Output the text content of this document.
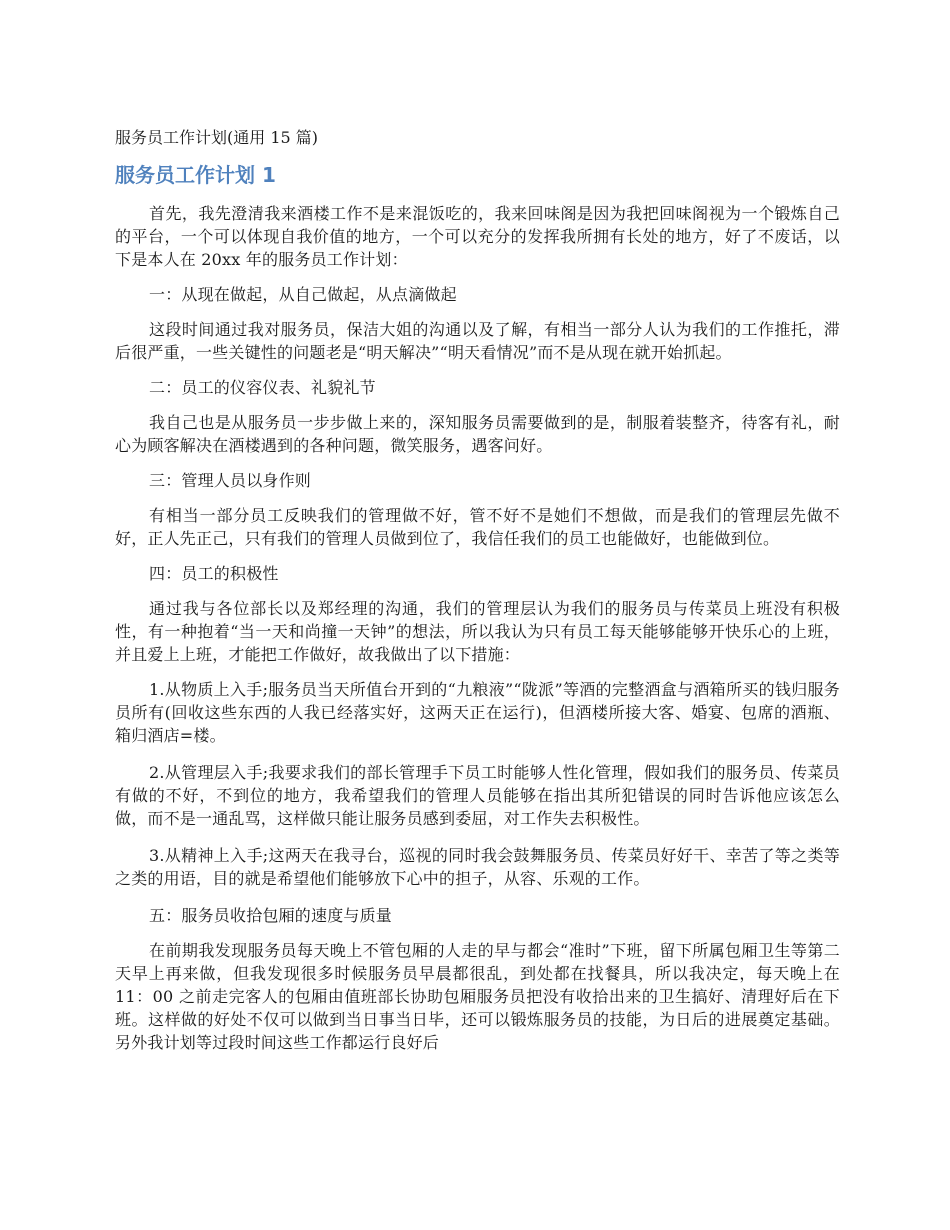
服务员工作计划(通用 15 篇)
服务员工作计划 1

首先，我先澄清我来酒楼工作不是来混饭吃的，我来回味阁是因为我把回味阁视为一个锻炼自己的平台，一个可以体现自我价值的地方，一个可以充分的发挥我所拥有长处的地方，好了不废话，以下是本人在 20xx 年的服务员工作计划：

一：从现在做起，从自己做起，从点滴做起

这段时间通过我对服务员，保洁大姐的沟通以及了解，有相当一部分人认为我们的工作推托，滞后很严重，一些关键性的问题老是“明天解决”“明天看情况”而不是从现在就开始抓起。

二：员工的仪容仪表、礼貌礼节

我自己也是从服务员一步步做上来的，深知服务员需要做到的是，制服着装整齐，待客有礼，耐心为顾客解决在酒楼遇到的各种问题，微笑服务，遇客问好。

三：管理人员以身作则

有相当一部分员工反映我们的管理做不好，管不好不是她们不想做，而是我们的管理层先做不好，正人先正己，只有我们的管理人员做到位了，我信任我们的员工也能做好，也能做到位。

四：员工的积极性

通过我与各位部长以及郑经理的沟通，我们的管理层认为我们的服务员与传菜员上班没有积极性，有一种抱着“当一天和尚撞一天钟”的想法，所以我认为只有员工每天能够能够开快乐心的上班，并且爱上上班，才能把工作做好，故我做出了以下措施：

1.从物质上入手;服务员当天所值台开到的“九粮液”“陇派”等酒的完整酒盒与酒箱所买的钱归服务员所有(回收这些东西的人我已经落实好，这两天正在运行)，但酒楼所接大客、婚宴、包席的酒瓶、箱归酒店=楼。

2.从管理层入手;我要求我们的部长管理手下员工时能够人性化管理，假如我们的服务员、传菜员有做的不好，不到位的地方，我希望我们的管理人员能够在指出其所犯错误的同时告诉他应该怎么做，而不是一通乱骂，这样做只能让服务员感到委屈，对工作失去积极性。

3.从精神上入手;这两天在我寻台，巡视的同时我会鼓舞服务员、传菜员好好干、幸苦了等之类等之类的用语，目的就是希望他们能够放下心中的担子，从容、乐观的工作。

五：服务员收拾包厢的速度与质量

在前期我发现服务员每天晚上不管包厢的人走的早与都会“准时”下班，留下所属包厢卫生等第二天早上再来做，但我发现很多时候服务员早晨都很乱，到处都在找餐具，所以我决定，每天晚上在 11：00 之前走完客人的包厢由值班部长协助包厢服务员把没有收拾出来的卫生搞好、清理好后在下班。这样做的好处不仅可以做到当日事当日毕，还可以锻炼服务员的技能，为日后的进展奠定基础。另外我计划等过段时间这些工作都运行良好后
